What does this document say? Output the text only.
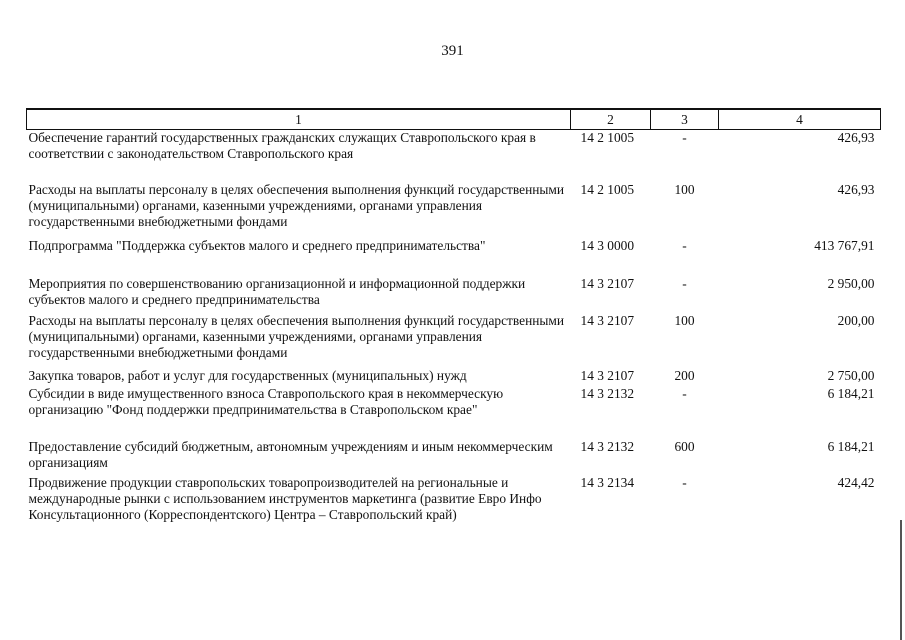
391
1	2	3	4
Обеспечение гарантий государственных гражданских служащих Ставропольского края в соответствии с законодательством Ставропольского края	14 2 1005	-	426,93
Расходы на выплаты персоналу в целях обеспечения выполнения функций государственными (муниципальными) органами, казенными учреждениями, органами управления государственными внебюджетными фондами	14 2 1005	100	426,93
Подпрограмма "Поддержка субъектов малого и среднего предпринимательства"	14 3 0000	-	413 767,91
Мероприятия по совершенствованию организационной и информационной поддержки субъектов малого и среднего предпринимательства	14 3 2107	-	2 950,00
Расходы на выплаты персоналу в целях обеспечения выполнения функций государственными (муниципальными) органами, казенными учреждениями, органами управления государственными внебюджетными фондами	14 3 2107	100	200,00
Закупка товаров, работ и услуг для государственных (муниципальных) нужд	14 3 2107	200	2 750,00
Субсидии в виде имущественного взноса Ставропольского края в некоммерческую организацию "Фонд поддержки предпринимательства в Ставропольском крае"	14 3 2132	-	6 184,21
Предоставление субсидий бюджетным, автономным учреждениям и иным некоммерческим организациям	14 3 2132	600	6 184,21
Продвижение продукции ставропольских товаропроизводителей на региональные и международные рынки с использованием инструментов маркетинга (развитие Евро Инфо Консультационного (Корреспондентского) Центра – Ставропольский край)	14 3 2134	-	424,42
